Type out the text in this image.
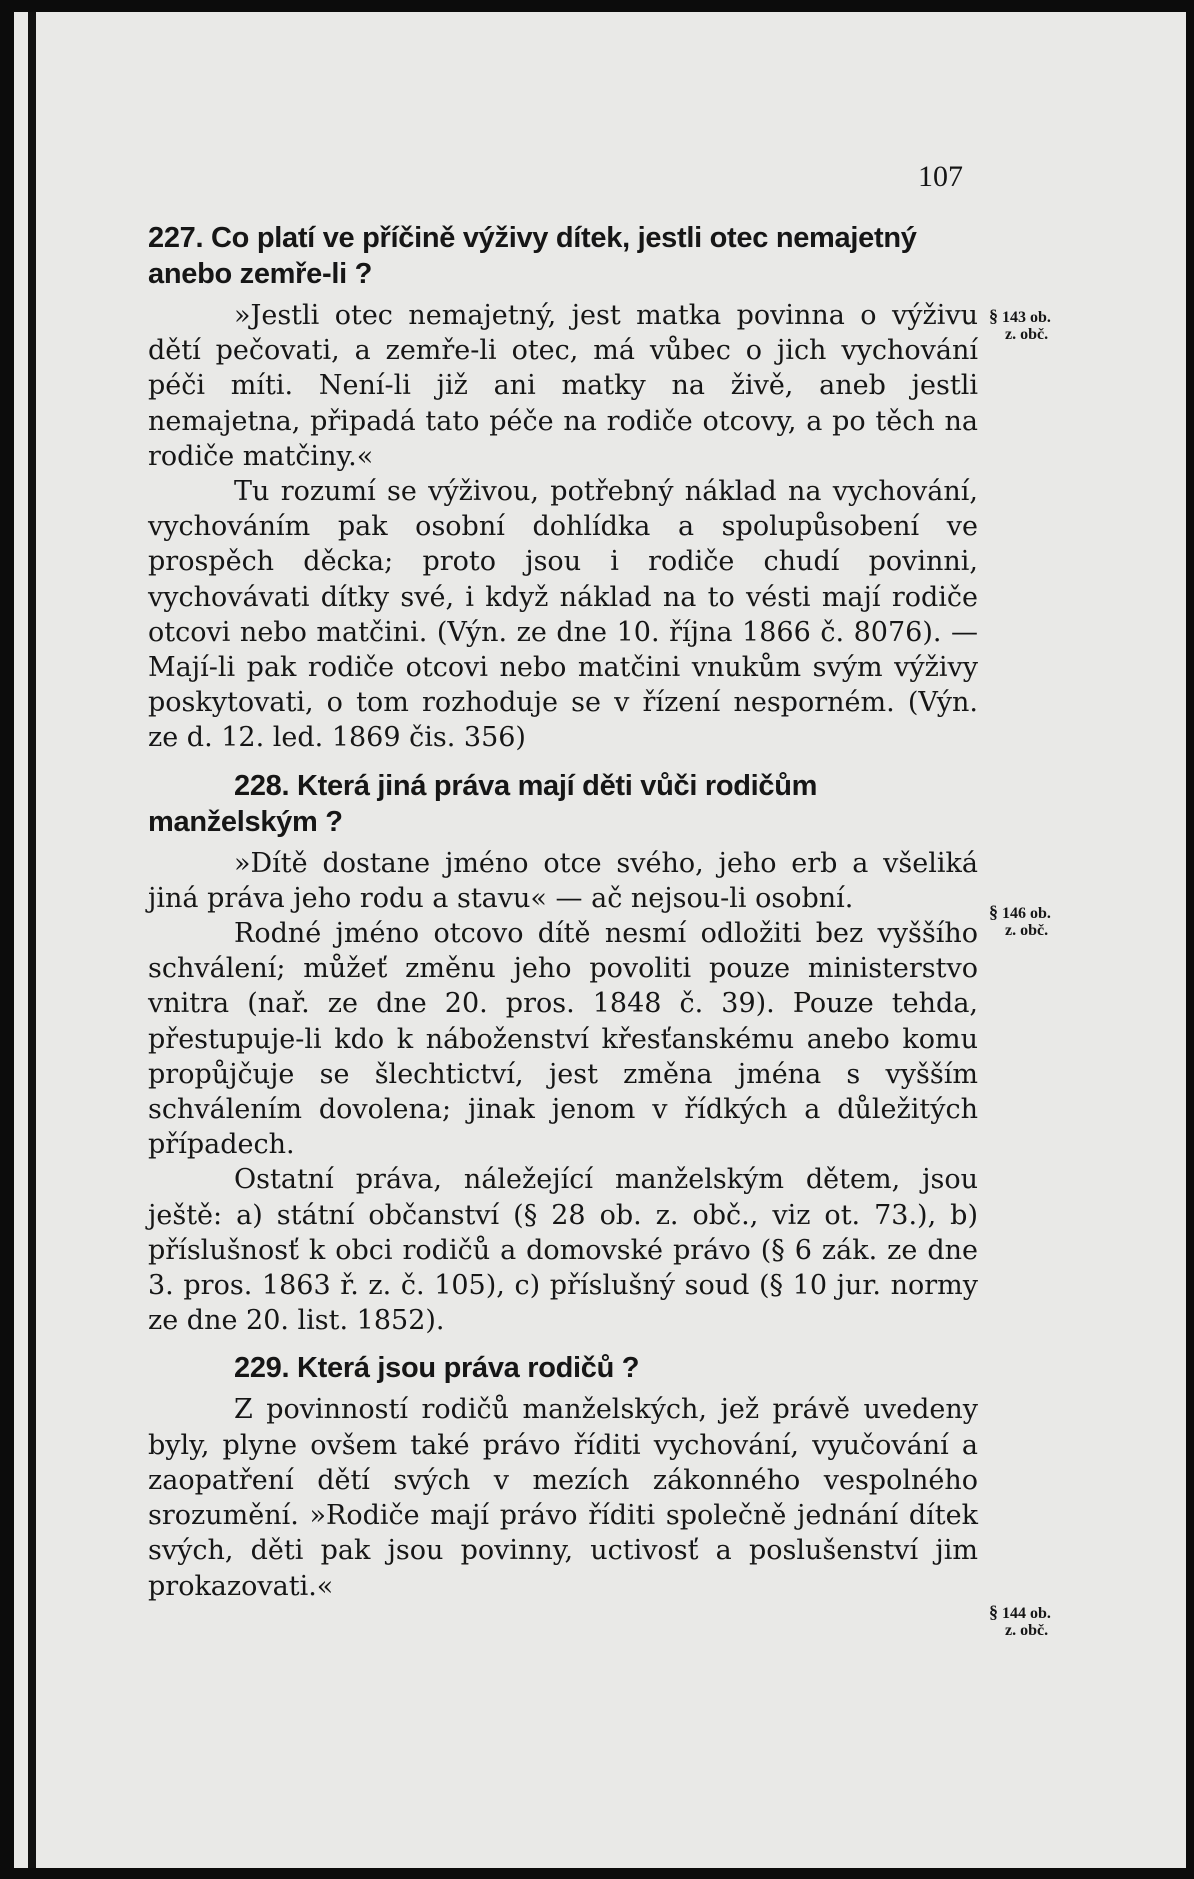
107
227. Co platí ve příčině výživy dítek, jestli otec nemajetný anebo zemře-li ?

»Jestli otec nemajetný, jest matka povinna o výživu dětí pečovati, a zemře-li otec, má vůbec o jich vychování péči míti. Není-li již ani matky na živě, aneb jestli nemajetna, připadá tato péče na rodiče otcovy, a po těch na rodiče matčiny.«

Tu rozumí se výživou, potřebný náklad na vychování, vychováním pak osobní dohlídka a spolupůsobení ve prospěch děcka; proto jsou i rodiče chudí povinni, vychovávati dítky své, i když náklad na to vésti mají rodiče otcovi nebo matčini. (Výn. ze dne 10. října 1866 č. 8076). — Mají-li pak rodiče otcovi nebo matčini vnukům svým výživy poskytovati, o tom rozhoduje se v řízení nesporném. (Výn. ze d. 12. led. 1869 čis. 356)

228. Která jiná práva mají děti vůči rodičům manželským ?

»Dítě dostane jméno otce svého, jeho erb a všeliká jiná práva jeho rodu a stavu« — ač nejsou-li osobní.

Rodné jméno otcovo dítě nesmí odložiti bez vyššího schválení; můžeť změnu jeho povoliti pouze ministerstvo vnitra (nař. ze dne 20. pros. 1848 č. 39). Pouze tehda, přestupuje-li kdo k náboženství křesťanskému anebo komu propůjčuje se šlechtictví, jest změna jména s vyšším schválením dovolena; jinak jenom v řídkých a důležitých případech.

Ostatní práva, náležející manželským dětem, jsou ještě: a) státní občanství (§ 28 ob. z. obč., viz ot. 73.), b) příslušnosť k obci rodičů a domovské právo (§ 6 zák. ze dne 3. pros. 1863 ř. z. č. 105), c) příslušný soud (§ 10 jur. normy ze dne 20. list. 1852).

229. Která jsou práva rodičů ?

Z povinností rodičů manželských, jež právě uvedeny byly, plyne ovšem také právo říditi vychování, vyučování a zaopatření dětí svých v mezích zákonného vespolného srozumění. »Rodiče mají právo říditi společně jednání dítek svých, děti pak jsou povinny, uctivosť a poslušenství jim prokazovati.«

§ 143 ob.
z. obč.
§ 146 ob.
z. obč.
§ 144 ob.
z. obč.
